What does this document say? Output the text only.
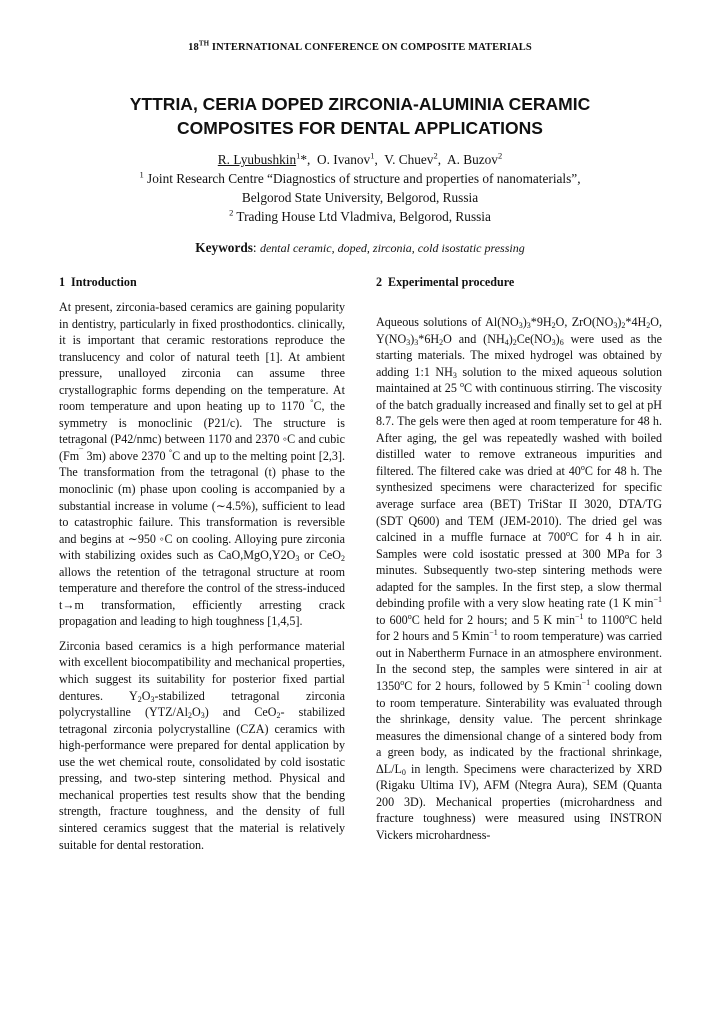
18TH INTERNATIONAL CONFERENCE ON COMPOSITE MATERIALS
YTTRIA, CERIA DOPED ZIRCONIA-ALUMINIA CERAMIC
COMPOSITES FOR DENTAL APPLICATIONS
R. Lyubushkin$^1$*, O. Ivanov$^1$, V. Chuev$^2$, A. Buzov$^2$
$^1$ Joint Research Centre “Diagnostics of structure and properties of nanomaterials”,
Belgorod State University, Belgorod, Russia
$^2$ Trading House Ltd Vladmiva, Belgorod, Russia
Keywords: dental ceramic, doped, zirconia, cold isostatic pressing
1 Introduction

At present, zirconia-based ceramics are gaining popularity in dentistry, particularly in fixed prosthodontics. clinically, it is important that ceramic restorations reproduce the translucency and color of natural teeth [1]. At ambient pressure, unalloyed zirconia can assume three crystallographic forms depending on the temperature. At room temperature and upon heating up to 1170 °C, the symmetry is monoclinic (P21/c). The structure is tetragonal (P42/nmc) between 1170 and 2370 ◦C and cubic (Fm¯ 3m) above 2370 °C and up to the melting point [2,3]. The transformation from the tetragonal (t) phase to the monoclinic (m) phase upon cooling is accompanied by a substantial increase in volume (∼4.5%), sufficient to lead to catastrophic failure. This transformation is reversible and begins at ∼950 ◦C on cooling. Alloying pure zirconia with stabilizing oxides such as $CaO,MgO,Y2O_3$ or CeO$_2$ allows the retention of the tetragonal structure at room temperature and therefore the control of the stress-induced t→m transformation, efficiently arresting crack propagation and leading to high toughness [1,4,5].

Zirconia based ceramics is a high performance material with excellent biocompatibility and mechanical properties, which suggest its suitability for posterior fixed partial dentures. $Y_2O_3$-stabilized tetragonal zirconia polycrystalline $(YTZ/Al_2O_3)$ and CeO$_2$- stabilized tetragonal zirconia polycrystalline (CZA) ceramics with high-performance were prepared for dental application by use the wet chemical route, consolidated by cold isostatic pressing, and two-step sintering method. Physical and mechanical properties test results show that the bending strength, fracture toughness, and the density of full sintered ceramics suggest that the material is relatively suitable for dental restoration.

2 Experimental procedure

Aqueous solutions of $Al(NO_3)_3*9H_2O$, $ZrO(NO_3)_2*4H_2O$, $Y(NO_3)_3*6H_2O$ and $(NH_4)_2Ce(NO_3)_6$ were used as the starting materials. The mixed hydrogel was obtained by adding 1:1 $NH_3$ solution to the mixed aqueous solution maintained at 25 $^o$C with continuous stirring. The viscosity of the batch gradually increased and finally set to gel at pH 8.7. The gels were then aged at room temperature for 48 h. After aging, the gel was repeatedly washed with boiled distilled water to remove extraneous impurities and filtered. The filtered cake was dried at 40$^o$C for 48 h. The synthesized specimens were characterized for specific average surface area (BET) TriStar II 3020, DTA/TG (SDT Q600) and TEM (JEM-2010). The dried gel was calcined in a muffle furnace at 700$^o$C for 4 h in air. Samples were cold isostatic pressed at 300 MPa for 3 minutes. Subsequently two-step sintering methods were adapted for the samples. In the first step, a slow thermal debinding profile with a very slow heating rate (1 K $\min^{-1}$ to 600$^o$C held for 2 hours; and 5 K $\min^{-1}$ to 1100$^o$C held for 2 hours and 5 Kmin$^{-1}$ to room temperature) was carried out in Nabertherm Furnace in an atmosphere environment. In the second step, the samples were sintered in air at 1350$^o$C for 2 hours, followed by 5 Kmin$^{-1}$ cooling down to room temperature. Sinterability was evaluated through the shrinkage, density value. The percent shrinkage measures the dimensional change of a sintered body from a green body, as indicated by the fractional shrinkage, $\Delta L/L_0$ in length. Specimens were characterized by XRD (Rigaku Ultima IV), AFM (Ntegra Aura), SEM (Quanta 200 3D). Mechanical properties (microhardness and fracture toughness) were measured using INSTRON Vickers microhardness-
